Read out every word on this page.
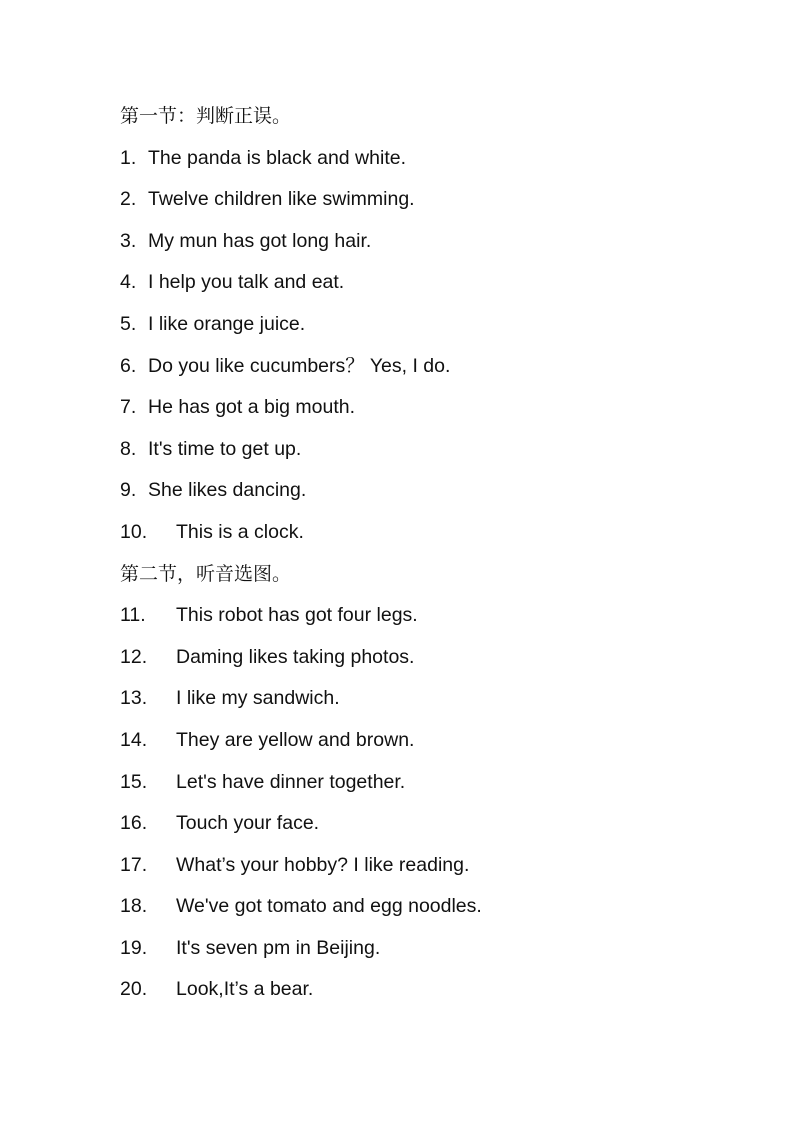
第一节：判断正误。
1. The panda is black and white.
2. Twelve children like swimming.
3. My mun has got long hair.
4. I help you talk and eat.
5. I like orange juice.
6. Do you like cucumbers？ Yes, I do.
7. He has got a big mouth.
8. It's time to get up.
9. She likes dancing.
10. This is a clock.
第二节，听音选图。
11. This robot has got four legs.
12. Daming likes taking photos.
13. I like my sandwich.
14. They are yellow and brown.
15. Let's have dinner together.
16. Touch your face.
17. What’s your hobby? I like reading.
18. We've got tomato and egg noodles.
19. It's seven pm in Beijing.
20. Look,It’s a bear.
